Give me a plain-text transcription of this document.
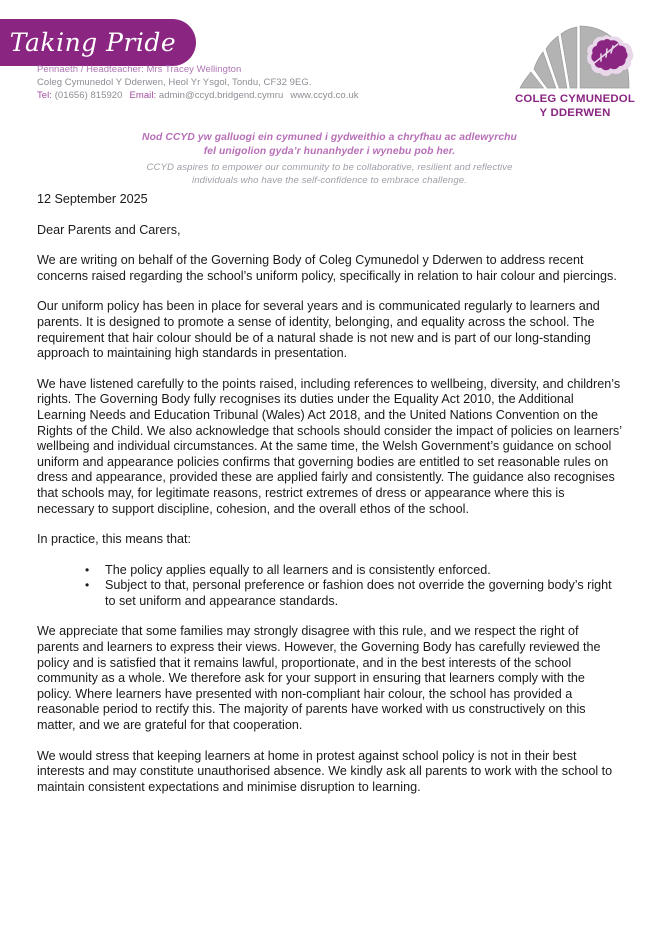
Taking Pride
Pennaeth / Headteacher: Mrs Tracey Wellington
Coleg Cymunedol Y Dderwen, Heol Yr Ysgol, Tondu, CF32 9EG.
Tel: (01656) 815920 Email: admin@ccyd.bridgend.cymru www.ccyd.co.uk	COLEG CYMUNEDOL
Y DDERWEN
Nod CCYD yw galluogi ein cymuned i gydweithio a chryfhau ac adlewyrchu
fel unigolion gyda’r hunanhyder i wynebu pob her.
CCYD aspires to empower our community to be collaborative, resilient and reflective
individuals who have the self-confidence to embrace challenge.

12 September 2025

Dear Parents and Carers,

We are writing on behalf of the Governing Body of Coleg Cymunedol y Dderwen to address recent concerns raised regarding the school’s uniform policy, specifically in relation to hair colour and piercings.

Our uniform policy has been in place for several years and is communicated regularly to learners and parents. It is designed to promote a sense of identity, belonging, and equality across the school. The requirement that hair colour should be of a natural shade is not new and is part of our long-standing approach to maintaining high standards in presentation.

We have listened carefully to the points raised, including references to wellbeing, diversity, and children’s rights. The Governing Body fully recognises its duties under the Equality Act 2010, the Additional Learning Needs and Education Tribunal (Wales) Act 2018, and the United Nations Convention on the Rights of the Child. We also acknowledge that schools should consider the impact of policies on learners’ wellbeing and individual circumstances. At the same time, the Welsh Government’s guidance on school uniform and appearance policies confirms that governing bodies are entitled to set reasonable rules on dress and appearance, provided these are applied fairly and consistently. The guidance also recognises that schools may, for legitimate reasons, restrict extremes of dress or appearance where this is necessary to support discipline, cohesion, and the overall ethos of the school.

In practice, this means that:

• The policy applies equally to all learners and is consistently enforced.
• Subject to that, personal preference or fashion does not override the governing body’s right to set uniform and appearance standards.

We appreciate that some families may strongly disagree with this rule, and we respect the right of parents and learners to express their views. However, the Governing Body has carefully reviewed the policy and is satisfied that it remains lawful, proportionate, and in the best interests of the school community as a whole. We therefore ask for your support in ensuring that learners comply with the policy. Where learners have presented with non-compliant hair colour, the school has provided a reasonable period to rectify this. The majority of parents have worked with us constructively on this matter, and we are grateful for that cooperation.

We would stress that keeping learners at home in protest against school policy is not in their best interests and may constitute unauthorised absence. We kindly ask all parents to work with the school to maintain consistent expectations and minimise disruption to learning.
